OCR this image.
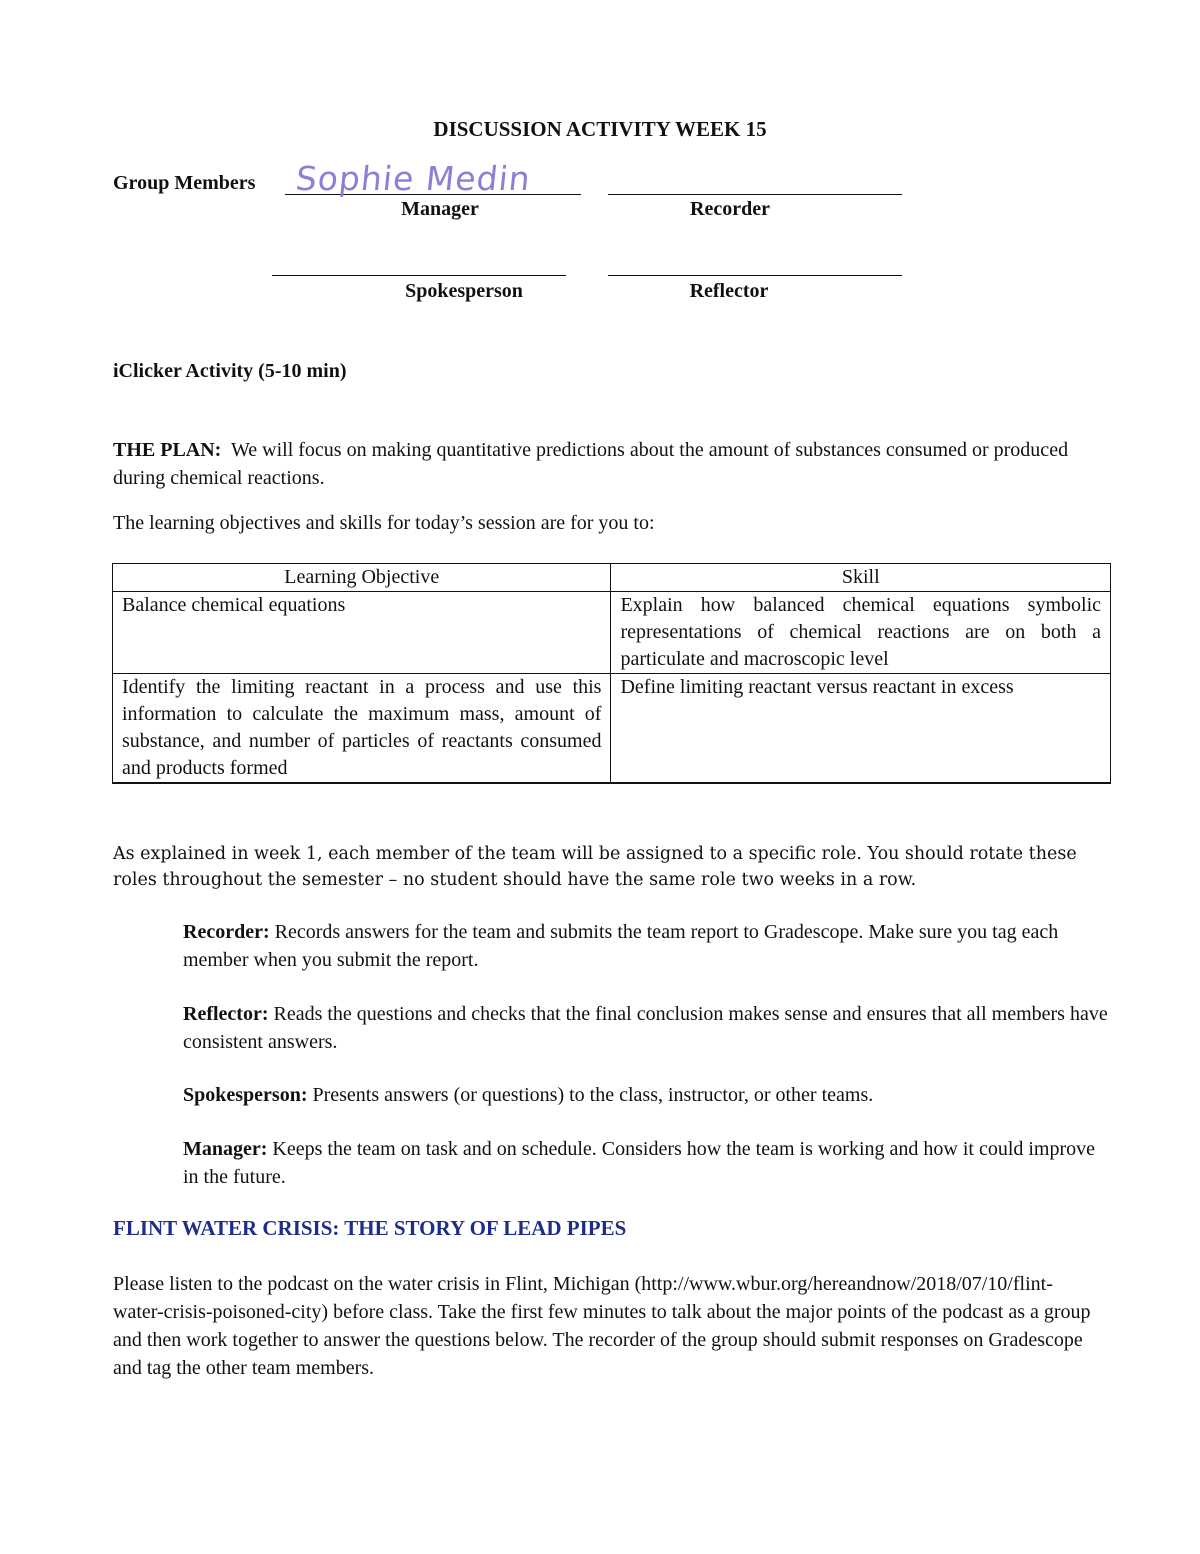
DISCUSSION ACTIVITY WEEK 15
Group Members Sophie Medin
Manager	Recorder
Spokesperson	Reflector
iClicker Activity (5-10 min)
THE PLAN: We will focus on making quantitative predictions about the amount of substances consumed or produced during chemical reactions.
The learning objectives and skills for today’s session are for you to:
Learning Objective	Skill
Balance chemical equations	Explain how balanced chemical equations symbolic representations of chemical reactions are on both a particulate and macroscopic level
Identify the limiting reactant in a process and use this information to calculate the maximum mass, amount of substance, and number of particles of reactants consumed and products formed	Define limiting reactant versus reactant in excess
As explained in week 1, each member of the team will be assigned to a specific role. You should rotate these roles throughout the semester – no student should have the same role two weeks in a row.
Recorder: Records answers for the team and submits the team report to Gradescope. Make sure you tag each member when you submit the report.
Reflector: Reads the questions and checks that the final conclusion makes sense and ensures that all members have consistent answers.
Spokesperson: Presents answers (or questions) to the class, instructor, or other teams.
Manager: Keeps the team on task and on schedule. Considers how the team is working and how it could improve in the future.
FLINT WATER CRISIS: THE STORY OF LEAD PIPES
Please listen to the podcast on the water crisis in Flint, Michigan (http://www.wbur.org/hereandnow/2018/07/10/flint-water-crisis-poisoned-city) before class. Take the first few minutes to talk about the major points of the podcast as a group and then work together to answer the questions below. The recorder of the group should submit responses on Gradescope and tag the other team members.
